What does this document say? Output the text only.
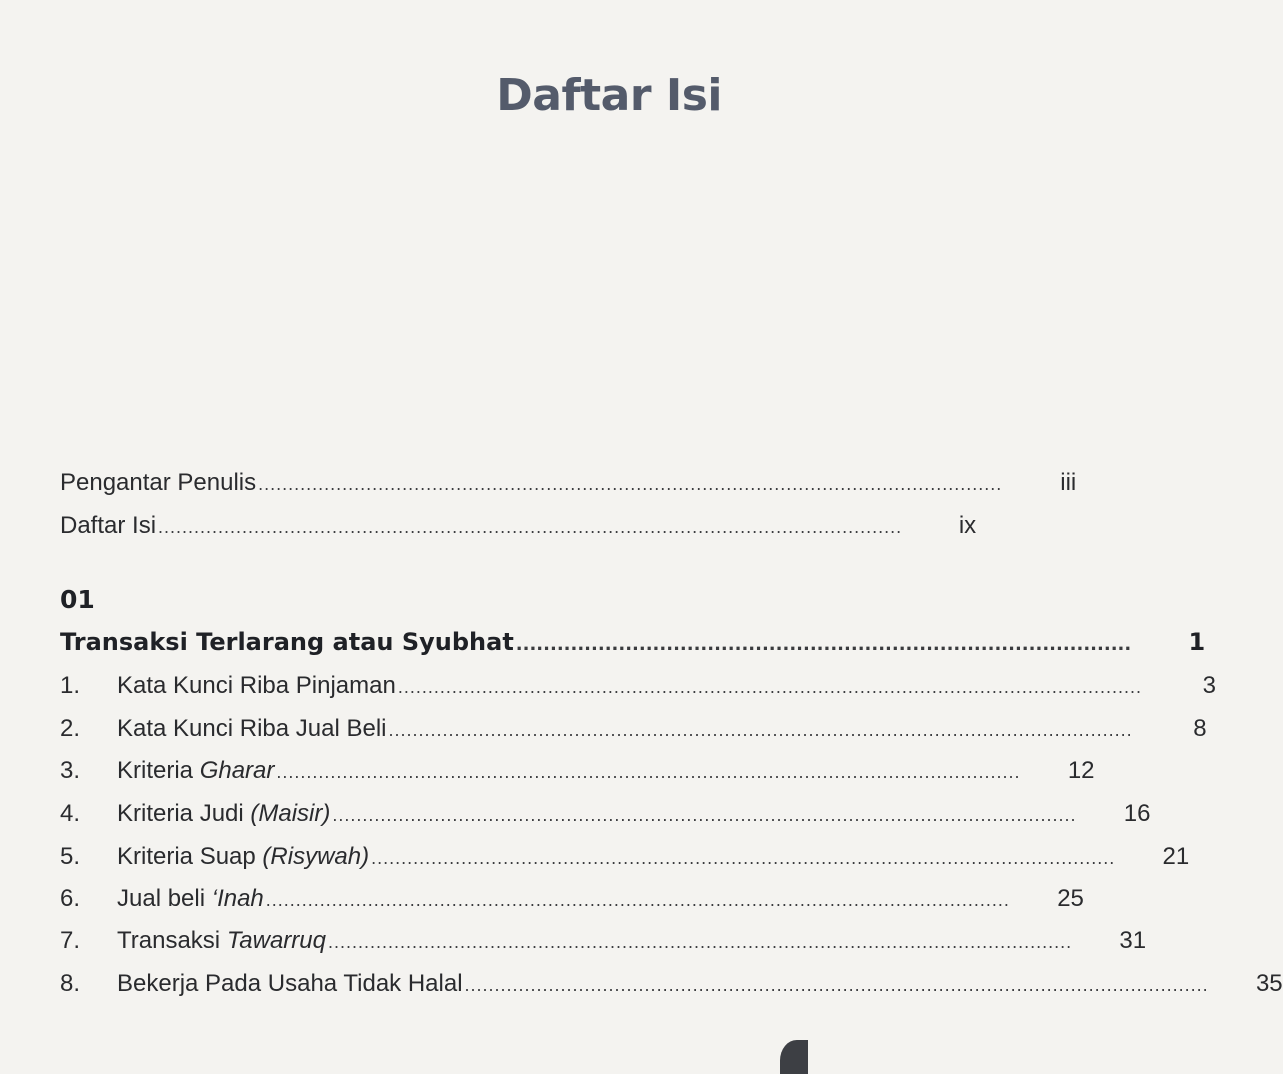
Daftar Isi
Pengantar Penulis ............................................................................................................................	iii
Daftar Isi ............................................................................................................................	ix
01
Transaksi Terlarang atau Syubhat ..........................................................................................	1
1.	Kata Kunci Riba Pinjaman ............................................................................................................................	3
2.	Kata Kunci Riba Jual Beli ............................................................................................................................	8
3.	Kriteria Gharar ............................................................................................................................	12
4.	Kriteria Judi (Maisir) ............................................................................................................................	16
5.	Kriteria Suap (Risywah) ............................................................................................................................	21
6.	Jual beli ‘Inah ............................................................................................................................	25
7.	Transaksi Tawarruq ............................................................................................................................	31
8.	Bekerja Pada Usaha Tidak Halal ............................................................................................................................	35
